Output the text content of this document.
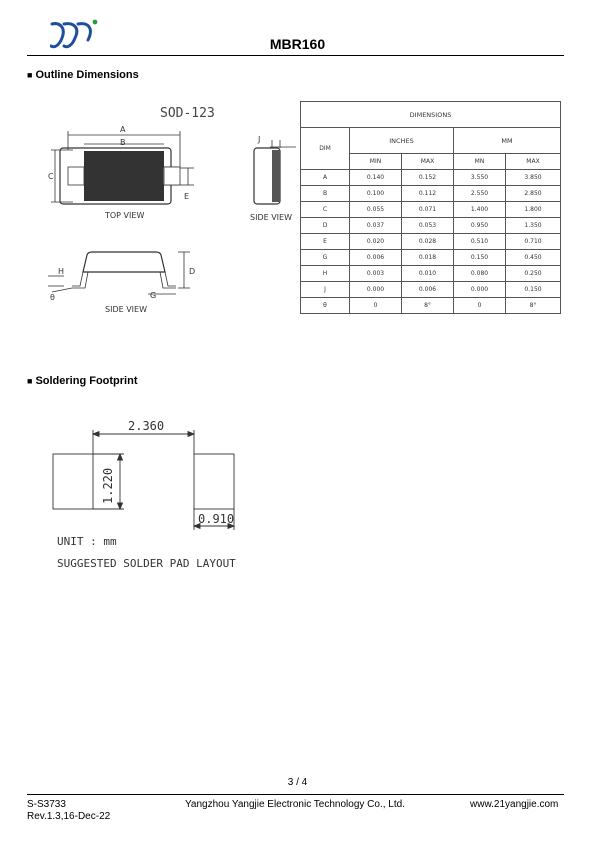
MBR160
■ Outline Dimensions
SOD-123
A
B
C
E
J
H
θ
D
G
TOP VIEW	SIDE VIEW
SIDE VIEW
DIMENSIONS				
DIM	INCHES		MM	
	MIN	MAX	MN	MAX
A	0.140	0.152	3.550	3.850
B	0.100	0.112	2.550	2.850
C	0.055	0.071	1.400	1.800
D	0.037	0.053	0.950	1.350
E	0.020	0.028	0.510	0.710
G	0.006	0.018	0.150	0.450
H	0.003	0.010	0.080	0.250
J	0.000	0.006	0.000	0.150
θ	0	8°	0	8°
■ Soldering Footprint
2.360
1.220
0.910
UNIT : mm
SUGGESTED SOLDER PAD LAYOUT
3 / 4
S-S3733
Rev.1.3,16-Dec-22
Yangzhou Yangjie Electronic Technology Co., Ltd.	www.21yangjie.com
